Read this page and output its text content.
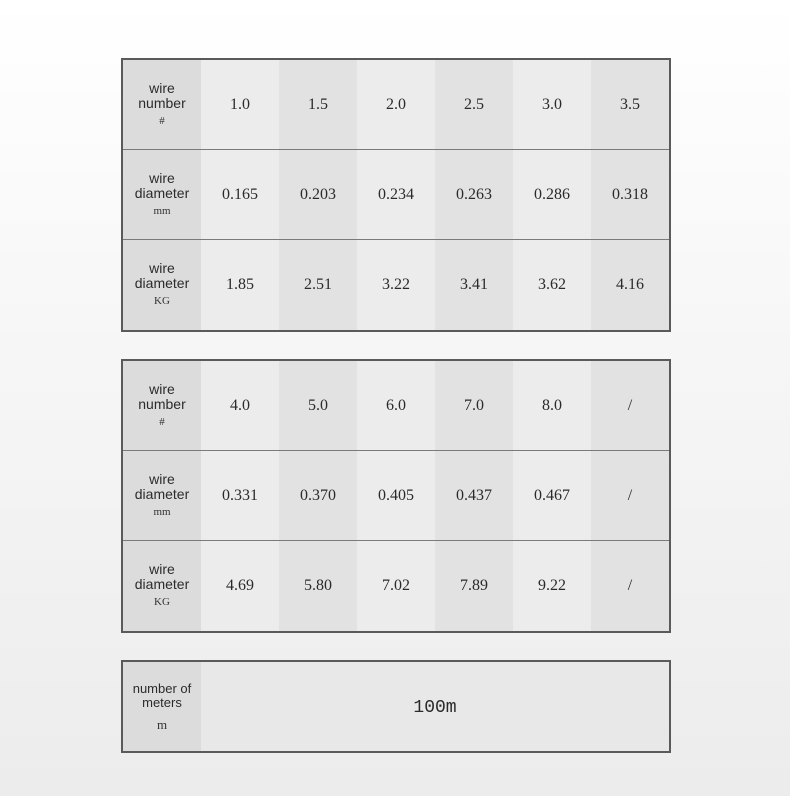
wire
number
#
1.0	1.5	2.0	2.5	3.0	3.5
wire
diameter
mm
0.165	0.203	0.234	0.263	0.286	0.318
wire
diameter
KG
1.85	2.51	3.22	3.41	3.62	4.16
wire
number
#
4.0	5.0	6.0	7.0	8.0	/
wire
diameter
mm
0.331	0.370	0.405	0.437	0.467	/
wire
diameter
KG
4.69	5.80	7.02	7.89	9.22	/
number of
meters
m
100m
